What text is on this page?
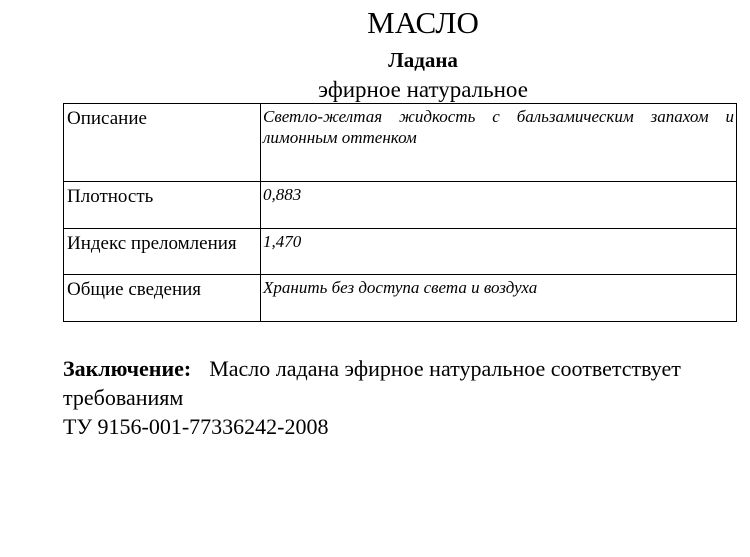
МАСЛО
Ладана
эфирное натуральное
Описание	Светло-желтая жидкость с бальзамическим запахом и лимонным оттенком
Плотность	0,883
Индекс преломления	1,470
Общие сведения	Хранить без доступа света и воздуха
Заключение: Масло ладана эфирное натуральное соответствует
требованиям
ТУ 9156-001-77336242-2008
